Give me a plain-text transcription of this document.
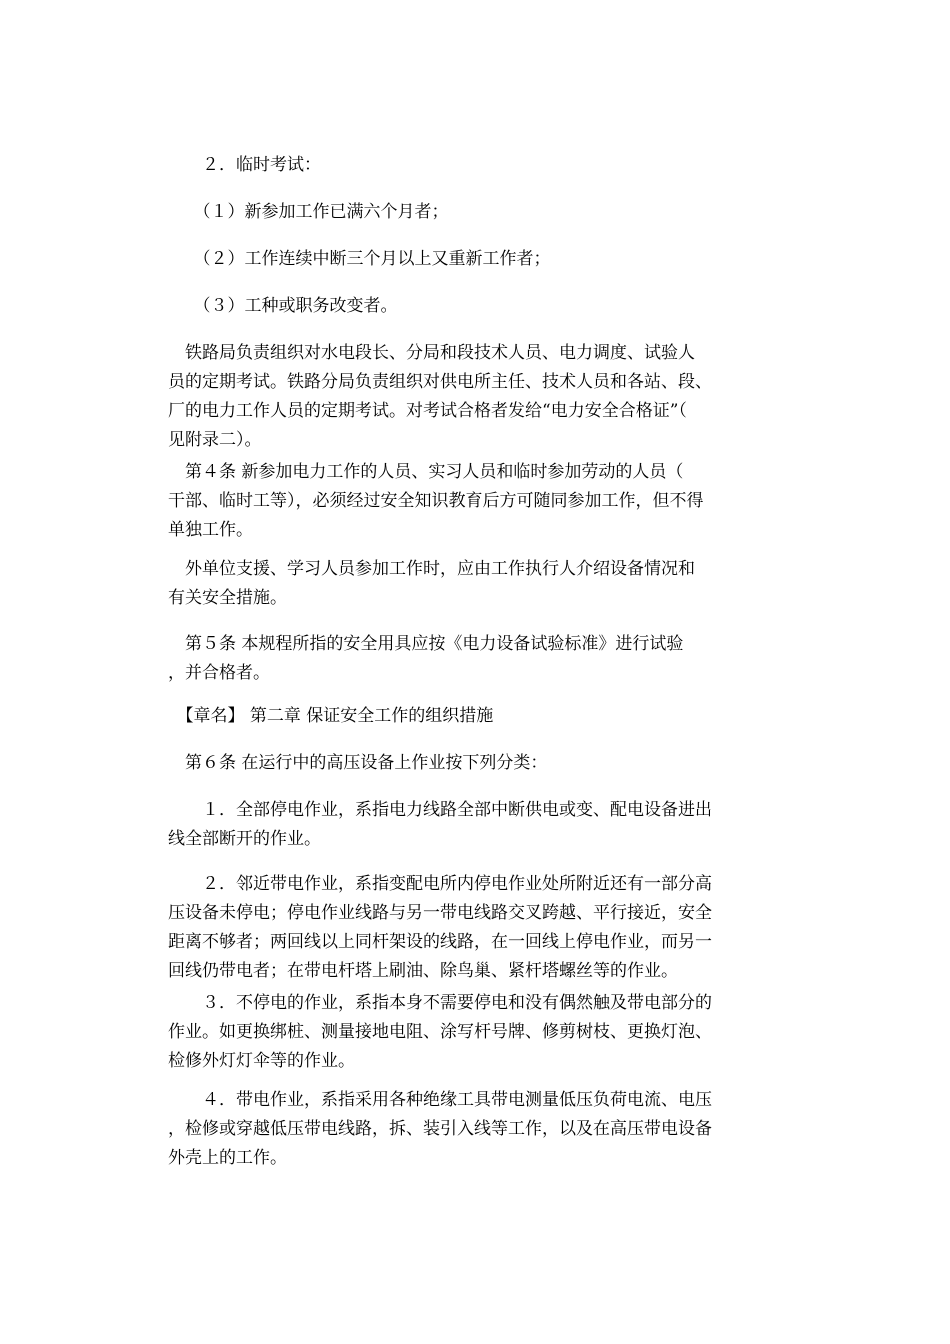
　　２．临时考试：
　　（１）新参加工作已满六个月者；
　　（２）工作连续中断三个月以上又重新工作者；
　　（３）工种或职务改变者。
　铁路局负责组织对水电段长、分局和段技术人员、电力调度、试验人
员的定期考试。铁路分局负责组织对供电所主任、技术人员和各站、段、
厂的电力工作人员的定期考试。对考试合格者发给“电力安全合格证”（
见附录二）。
　第４条 新参加电力工作的人员、实习人员和临时参加劳动的人员（
干部、临时工等），必须经过安全知识教育后方可随同参加工作，但不得
单独工作。
　外单位支援、学习人员参加工作时，应由工作执行人介绍设备情况和
有关安全措施。
　第５条 本规程所指的安全用具应按《电力设备试验标准》进行试验
，并合格者。
　【章名】 第二章 保证安全工作的组织措施
　第６条 在运行中的高压设备上作业按下列分类：
　　１．全部停电作业，系指电力线路全部中断供电或变、配电设备进出
线全部断开的作业。
　　２．邻近带电作业，系指变配电所内停电作业处所附近还有一部分高
压设备未停电；停电作业线路与另一带电线路交叉跨越、平行接近，安全
距离不够者；两回线以上同杆架设的线路，在一回线上停电作业，而另一
回线仍带电者；在带电杆塔上刷油、除鸟巢、紧杆塔螺丝等的作业。
　　３．不停电的作业，系指本身不需要停电和没有偶然触及带电部分的
作业。如更换绑桩、测量接地电阻、涂写杆号牌、修剪树枝、更换灯泡、
检修外灯灯伞等的作业。
　　４．带电作业，系指采用各种绝缘工具带电测量低压负荷电流、电压
，检修或穿越低压带电线路，拆、装引入线等工作，以及在高压带电设备
外壳上的工作。
